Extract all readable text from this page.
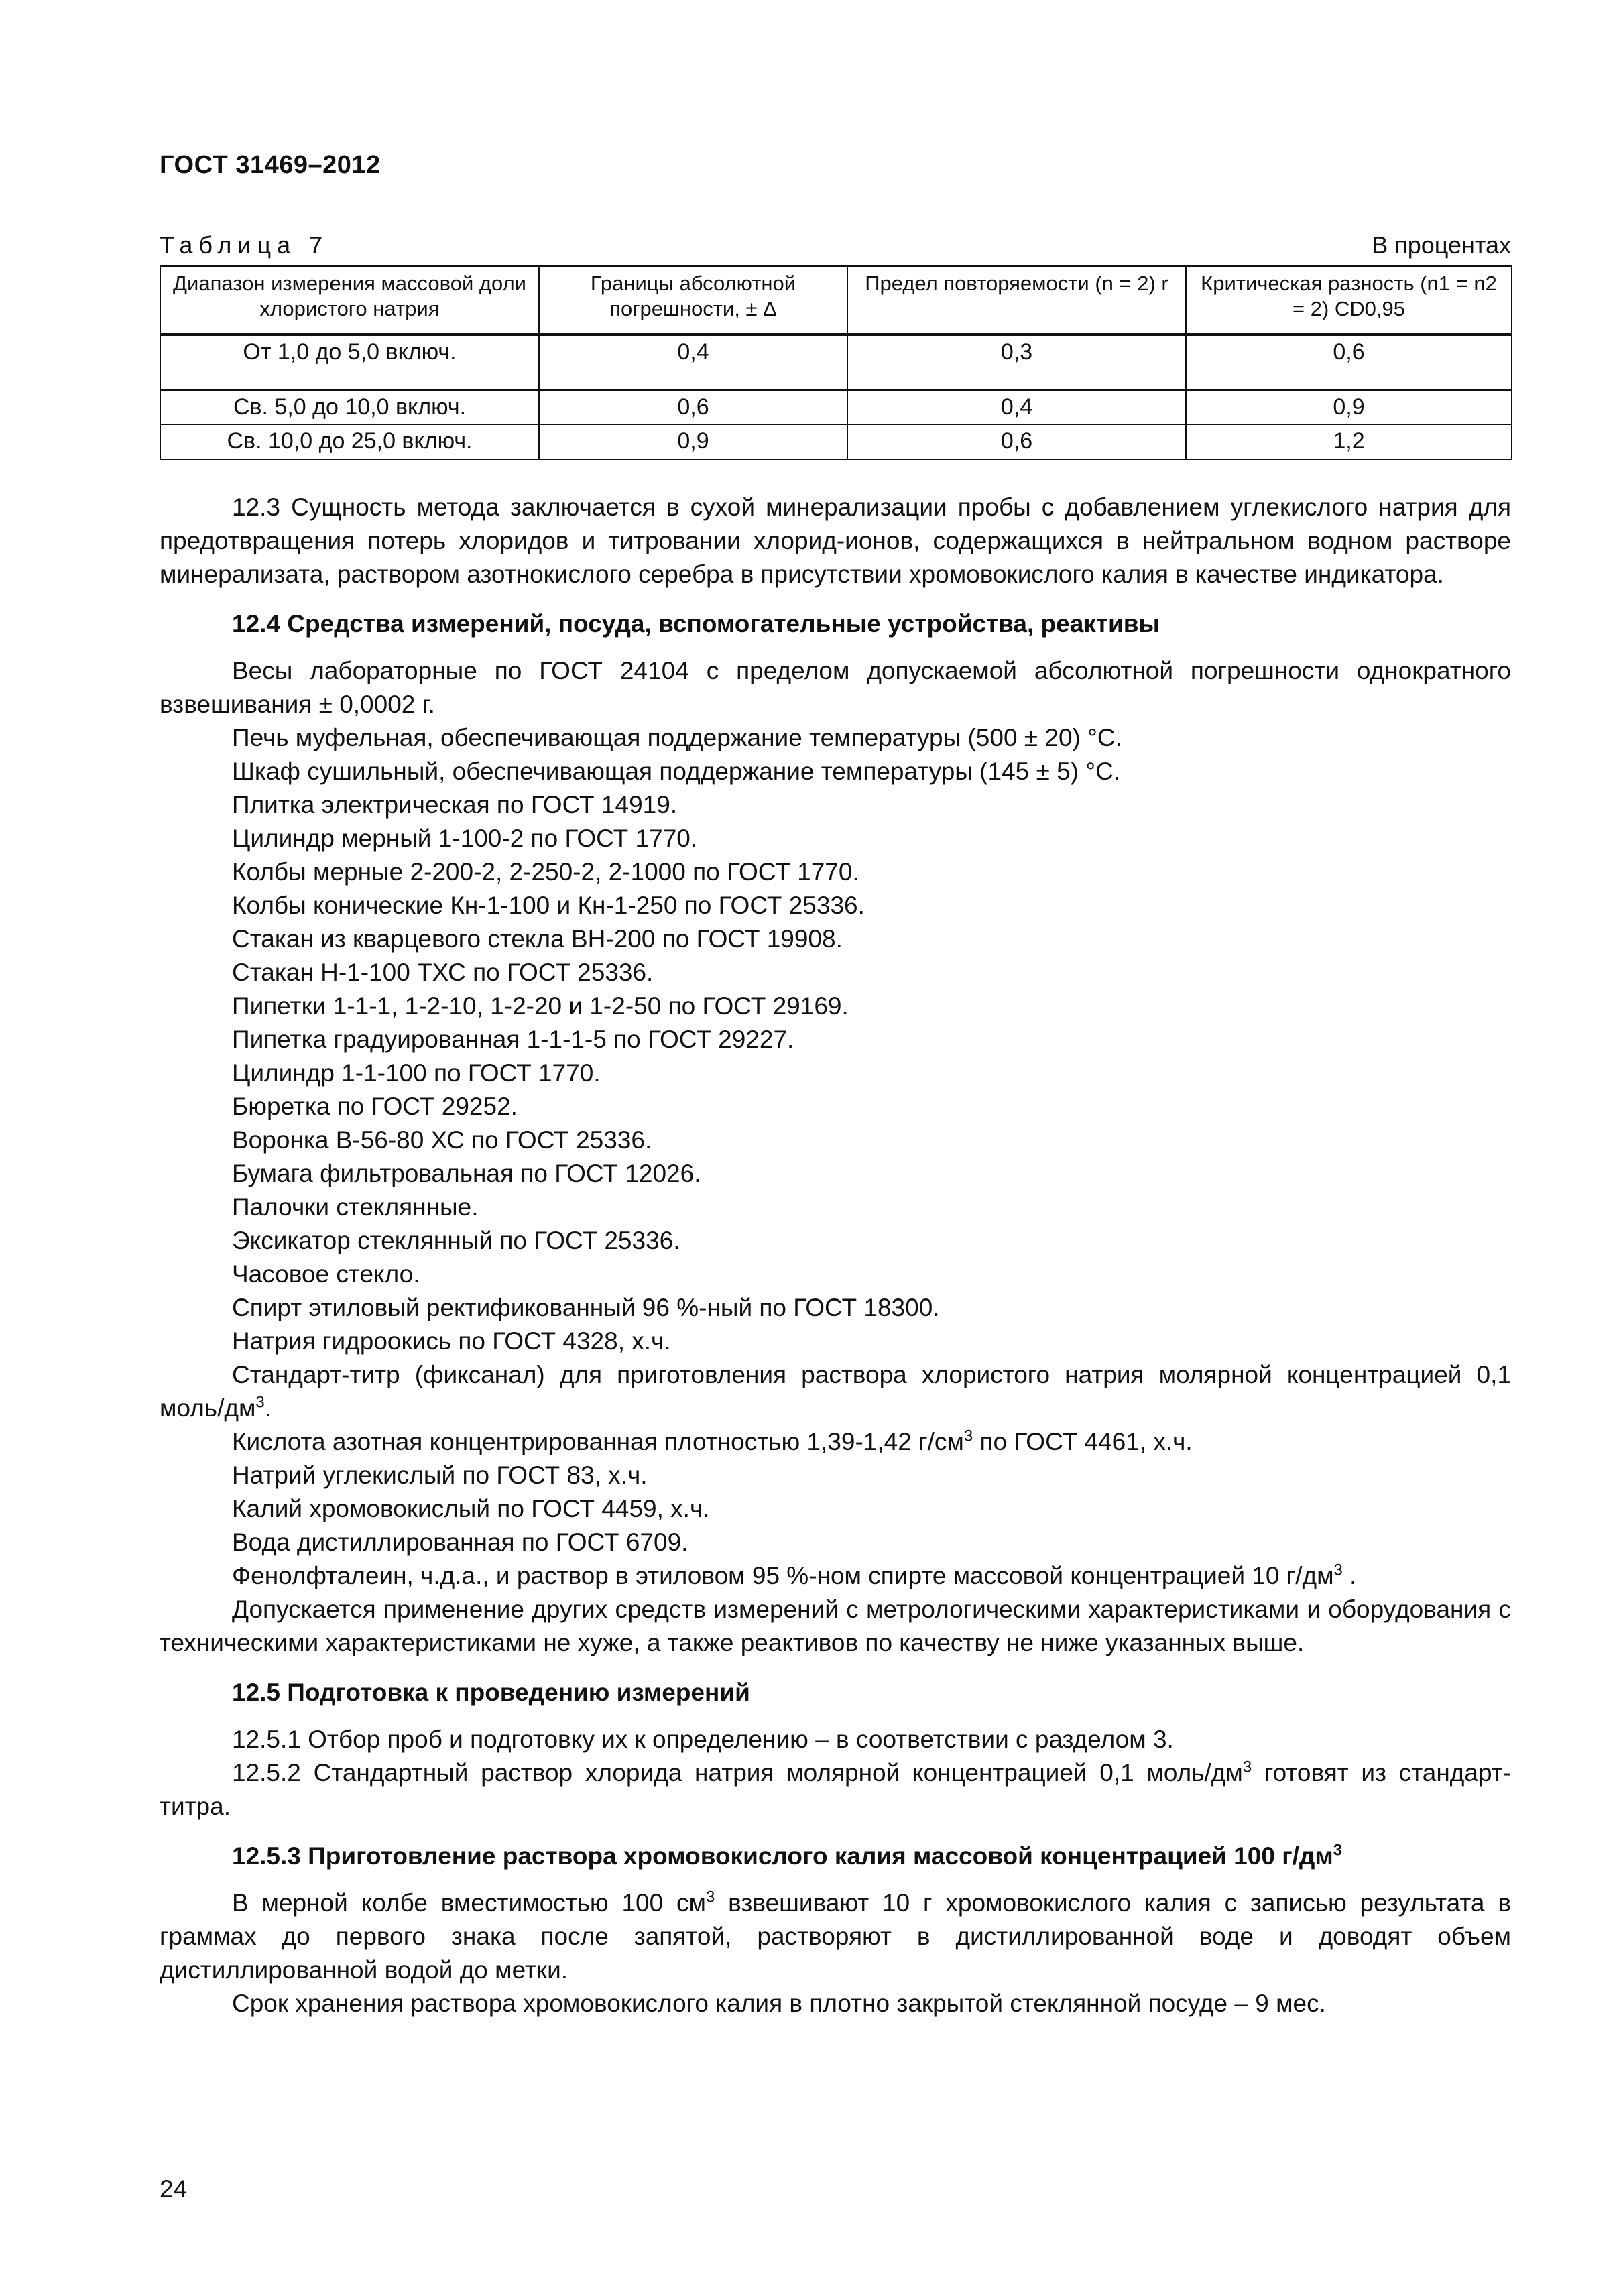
ГОСТ 31469–2012
Таблица 7	В процентах
Диапазон измерения массовой доли хлористого натрия	Границы абсолютной погрешности, ± Δ	Предел повторяемости (n = 2) r	Критическая разность (n1 = n2 = 2) CD0,95
От 1,0 до 5,0 включ.	0,4	0,3	0,6
Св. 5,0 до 10,0 включ.	0,6	0,4	0,9
Св. 10,0 до 25,0 включ.	0,9	0,6	1,2

12.3 Сущность метода заключается в сухой минерализации пробы с добавлением углекислого натрия для предотвращения потерь хлоридов и титровании хлорид-ионов, содержащихся в нейтральном водном растворе минерализата, раствором азотнокислого серебра в присутствии хромовокислого калия в качестве индикатора.

12.4 Средства измерений, посуда, вспомогательные устройства, реактивы

Весы лабораторные по ГОСТ 24104 с пределом допускаемой абсолютной погрешности однократного взвешивания ± 0,0002 г.

Печь муфельная, обеспечивающая поддержание температуры (500 ± 20) °С.

Шкаф сушильный, обеспечивающая поддержание температуры (145 ± 5) °С.

Плитка электрическая по ГОСТ 14919.

Цилиндр мерный 1-100-2 по ГОСТ 1770.

Колбы мерные 2-200-2, 2-250-2, 2-1000 по ГОСТ 1770.

Колбы конические Кн-1-100 и Кн-1-250 по ГОСТ 25336.

Стакан из кварцевого стекла ВН-200 по ГОСТ 19908.

Стакан Н-1-100 ТХС по ГОСТ 25336.

Пипетки 1-1-1, 1-2-10, 1-2-20 и 1-2-50 по ГОСТ 29169.

Пипетка градуированная 1-1-1-5 по ГОСТ 29227.

Цилиндр 1-1-100 по ГОСТ 1770.

Бюретка по ГОСТ 29252.

Воронка В-56-80 ХС по ГОСТ 25336.

Бумага фильтровальная по ГОСТ 12026.

Палочки стеклянные.

Эксикатор стеклянный по ГОСТ 25336.

Часовое стекло.

Спирт этиловый ректификованный 96 %-ный по ГОСТ 18300.

Натрия гидроокись по ГОСТ 4328, х.ч.

Стандарт-титр (фиксанал) для приготовления раствора хлористого натрия молярной концентрацией 0,1 моль/$дм^3$.

Кислота азотная концентрированная плотностью 1,39-1,42 $г/см^3$ по ГОСТ 4461, х.ч.

Натрий углекислый по ГОСТ 83, х.ч.

Калий хромовокислый по ГОСТ 4459, х.ч.

Вода дистиллированная по ГОСТ 6709.

Фенолфталеин, ч.д.а., и раствор в этиловом 95 %-ном спирте массовой концентрацией 10 $г/дм^3$ .

Допускается применение других средств измерений с метрологическими характеристиками и оборудования с техническими характеристиками не хуже, а также реактивов по качеству не ниже указанных выше.

12.5 Подготовка к проведению измерений

12.5.1 Отбор проб и подготовку их к определению – в соответствии с разделом 3.

12.5.2 Стандартный раствор хлорида натрия молярной концентрацией 0,1 моль/$дм^3$ готовят из стандарт-титра.

12.5.3 Приготовление раствора хромовокислого калия массовой концентрацией 100 $г/дм^3$

В мерной колбе вместимостью 100 $см^3$ взвешивают 10 г хромовокислого калия с записью результата в граммах до первого знака после запятой, растворяют в дистиллированной воде и доводят объем дистиллированной водой до метки.

Срок хранения раствора хромовокислого калия в плотно закрытой стеклянной посуде – 9 мес.

24
